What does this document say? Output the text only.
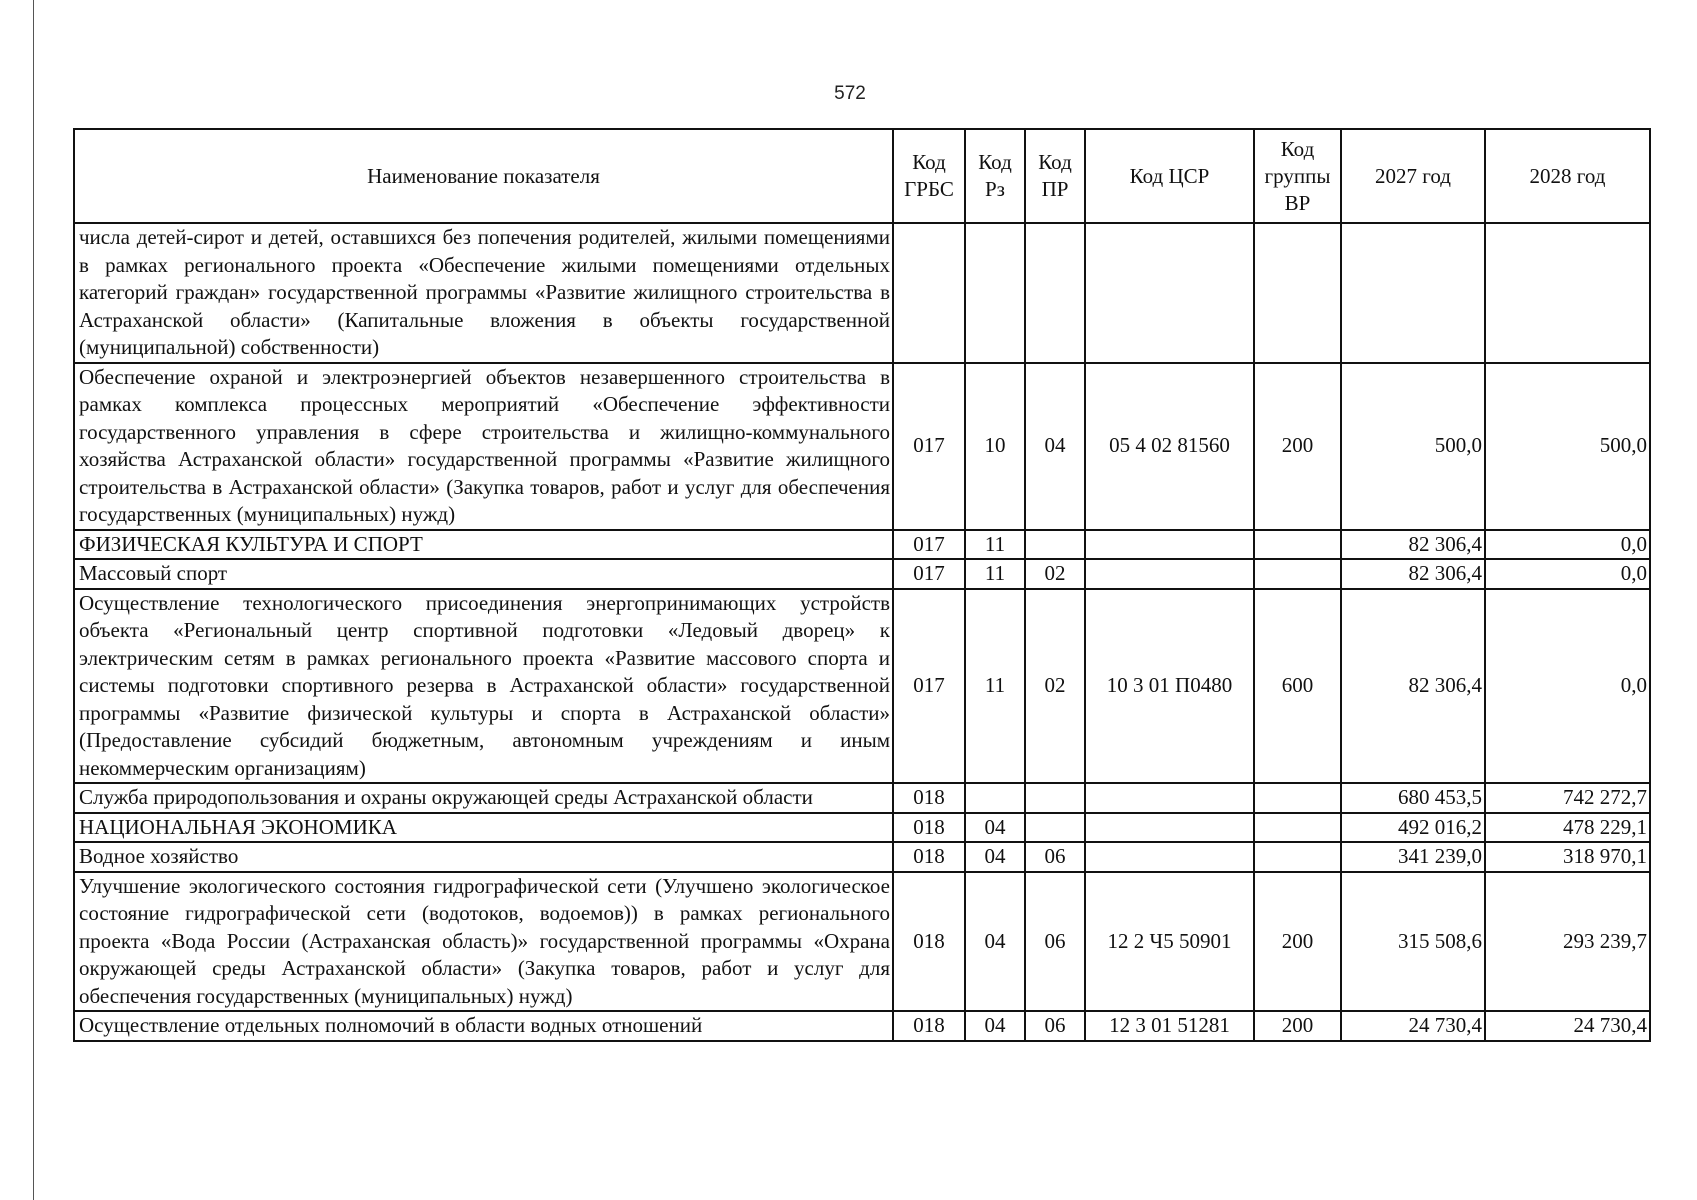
572
Наименование показателя	Код ГРБС	Код Рз	Код ПР	Код ЦСР	Код группы ВР	2027 год	2028 год
числа детей-сирот и детей, оставшихся без попечения родителей, жилыми помещениями в рамках регионального проекта «Обеспечение жилыми помещениями отдельных категорий граждан» государственной программы «Развитие жилищного строительства в Астраханской области» (Капитальные вложения в объекты государственной (муниципальной) собственности)							
Обеспечение охраной и электроэнергией объектов незавершенного строительства в рамках комплекса процессных мероприятий «Обеспечение эффективности государственного управления в сфере строительства и жилищно-коммунального хозяйства Астраханской области» государственной программы «Развитие жилищного строительства в Астраханской области» (Закупка товаров, работ и услуг для обеспечения государственных (муниципальных) нужд)	017	10	04	05 4 02 81560	200	500,0	500,0
ФИЗИЧЕСКАЯ КУЛЬТУРА И СПОРТ	017	11				82 306,4	0,0
Массовый спорт	017	11	02			82 306,4	0,0
Осуществление технологического присоединения энергопринимающих устройств объекта «Региональный центр спортивной подготовки «Ледовый дворец» к электрическим сетям в рамках регионального проекта «Развитие массового спорта и системы подготовки спортивного резерва в Астраханской области» государственной программы «Развитие физической культуры и спорта в Астраханской области» (Предоставление субсидий бюджетным, автономным учреждениям и иным некоммерческим организациям)	017	11	02	10 3 01 П0480	600	82 306,4	0,0
Служба природопользования и охраны окружающей среды Астраханской области	018					680 453,5	742 272,7
НАЦИОНАЛЬНАЯ ЭКОНОМИКА	018	04				492 016,2	478 229,1
Водное хозяйство	018	04	06			341 239,0	318 970,1
Улучшение экологического состояния гидрографической сети (Улучшено экологическое состояние гидрографической сети (водотоков, водоемов)) в рамках регионального проекта «Вода России (Астраханская область)» государственной программы «Охрана окружающей среды Астраханской области» (Закупка товаров, работ и услуг для обеспечения государственных (муниципальных) нужд)	018	04	06	12 2 Ч5 50901	200	315 508,6	293 239,7
Осуществление отдельных полномочий в области водных отношений	018	04	06	12 3 01 51281	200	24 730,4	24 730,4
